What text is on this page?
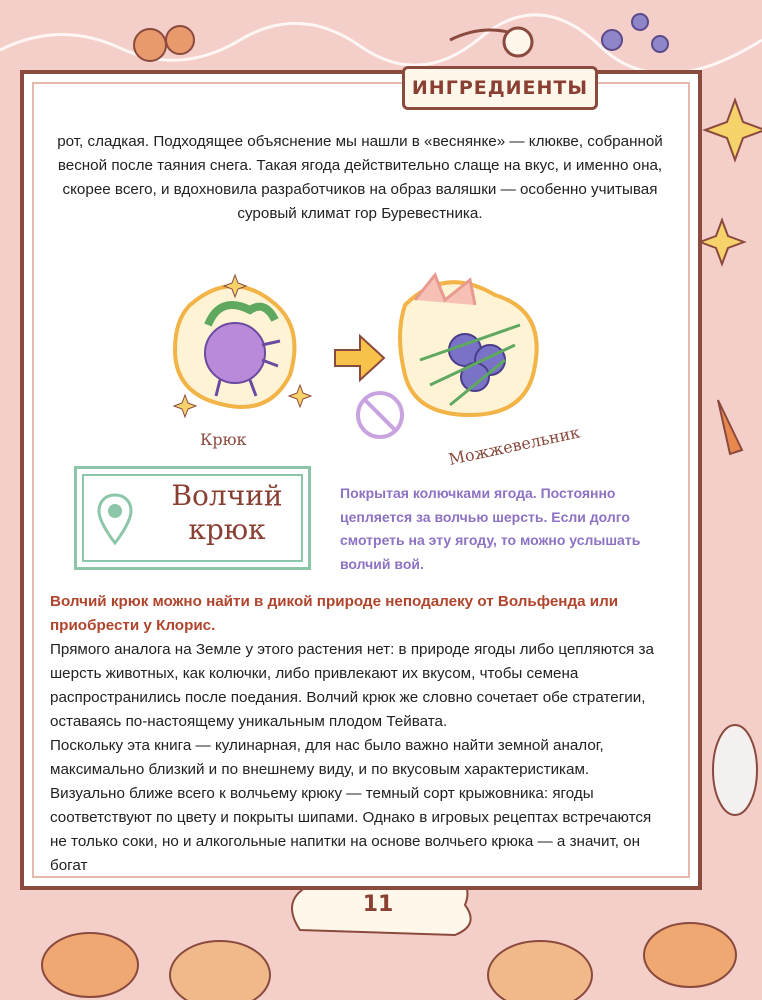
ИНГРЕДИЕНТЫ

рот, сладкая. Подходящее объяснение мы нашли в «веснянке» — клюкве, собранной

весной после таяния снега. Такая ягода действительно слаще на вкус, и именно она,

скорее всего, и вдохновила разработчиков на образ валяшки — особенно учитывая

суровый климат гор Буревестника.

Крюк	Можжевельник
Волчий крюк
Покрытая колючками ягода. Постоянно цепляется за волчью шерсть. Если долго смотреть на эту ягоду, то можно услышать волчий вой.

Волчий крюк можно найти в дикой природе неподалеку от Вольфенда или приобрести у Клорис.

Прямого аналога на Земле у этого растения нет: в природе ягоды либо цепляются за шерсть животных, как колючки, либо привлекают их вкусом, чтобы семена распространились после поедания. Волчий крюк же словно сочетает обе стратегии, оставаясь по-настоящему уникальным плодом Тейвата.

Поскольку эта книга — кулинарная, для нас было важно найти земной аналог, максимально близкий и по внешнему виду, и по вкусовым характеристикам.

Визуально ближе всего к волчьему крюку — темный сорт крыжовника: ягоды соответствуют по цвету и покрыты шипами. Однако в игровых рецептах встречаются не только соки, но и алкогольные напитки на основе волчьего крюка — а значит, он богат

11
